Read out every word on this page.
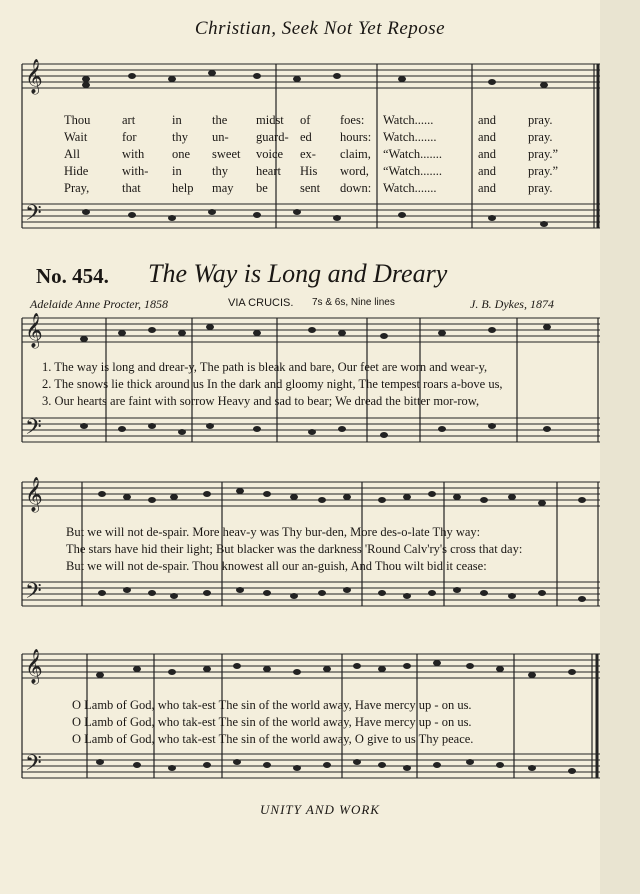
Christian, Seek Not Yet Repose
𝄞
𝄢
𝄞
𝄢
𝄞
𝄢
𝄞
𝄢
Thou	art	in the midst of foes: Watch......	and	pray.
Wait	for	thy un- guard- ed hours: Watch.......	and	pray.
All	with one sweet voice ex- claim, “Watch.......	and	pray.”
Hide	with- in thy heart His word, “Watch.......	and	pray.”
Pray,	that	help may be	sent down: Watch.......	and	pray.
No. 454. The Way is Long and Dreary
Adelaide Anne Procter, 1858	VIA CRUCIS. 7s & 6s, Nine lines	J. B. Dykes, 1874
1. The way is long and drear-y, The path is bleak and bare, Our feet are worn and wear-y,
2. The snows lie thick around us In the dark and gloomy night, The tempest roars a-bove us,
3. Our hearts are faint with sorrow Heavy and sad to bear; We dread the bitter mor-row,
But we will not de-spair. More heav-y was Thy bur-den, More des-o-late Thy way:
The stars have hid their light; But blacker was the darkness 'Round Calv'ry's cross that day:
But we will not de-spair. Thou knowest all our an-guish, And Thou wilt bid it cease:
O Lamb of God, who tak-est The sin of the world away, Have mercy up - on us.
O Lamb of God, who tak-est The sin of the world away, Have mercy up - on us.
O Lamb of God, who tak-est The sin of the world away, O give to us Thy peace.
UNITY AND WORK
